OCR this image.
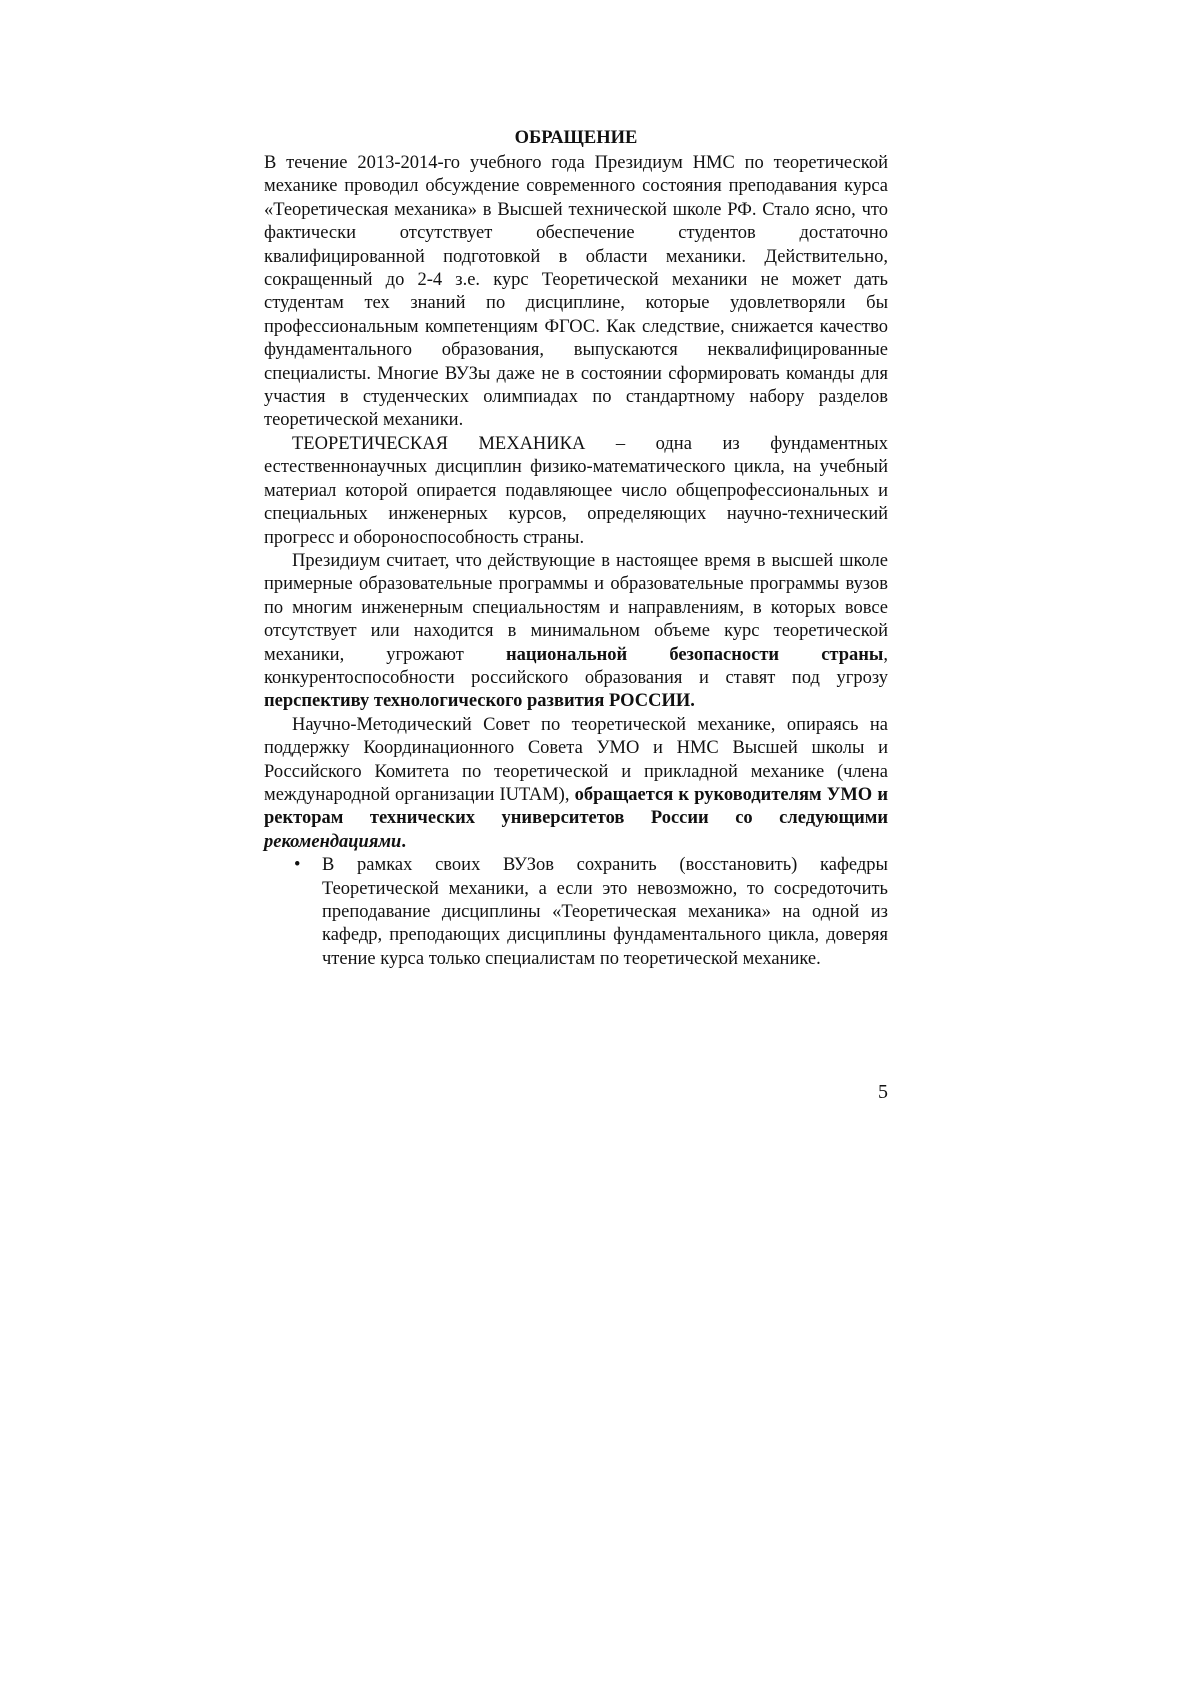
ОБРАЩЕНИЕ

В течение 2013-2014-го учебного года Президиум НМС по теоретической механике проводил обсуждение современного состояния преподавания курса «Теоретическая механика» в Высшей технической школе РФ. Стало ясно, что фактически отсутствует обеспечение студентов достаточно квалифицированной подготовкой в области механики. Действительно, сокращенный до 2-4 з.е. курс Теоретической механики не может дать студентам тех знаний по дисциплине, которые удовлетворяли бы профессиональным компетенциям ФГОС. Как следствие, снижается качество фундаментального образования, выпускаются неквалифицированные специалисты. Многие ВУЗы даже не в состоянии сформировать команды для участия в студенческих олимпиадах по стандартному набору разделов теоретической механики.

ТЕОРЕТИЧЕСКАЯ МЕХАНИКА – одна из фундаментных естественнонаучных дисциплин физико-математического цикла, на учебный материал которой опирается подавляющее число общепрофессиональных и специальных инженерных курсов, определяющих научно-технический прогресс и обороноспособность страны.

Президиум считает, что действующие в настоящее время в высшей школе примерные образовательные программы и образовательные программы вузов по многим инженерным специальностям и направлениям, в которых вовсе отсутствует или находится в минимальном объеме курс теоретической механики, угрожают национальной безопасности страны, конкурентоспособности российского образования и ставят под угрозу перспективу технологического развития РОССИИ.

Научно-Методический Совет по теоретической механике, опираясь на поддержку Координационного Совета УМО и НМС Высшей школы и Российского Комитета по теоретической и прикладной механике (члена международной организации IUTAM), обращается к руководителям УМО и ректорам технических университетов России со следующими рекомендациями.

• В рамках своих ВУЗов сохранить (восстановить) кафедры Теоретической механики, а если это невозможно, то сосредоточить преподавание дисциплины «Теоретическая механика» на одной из кафедр, преподающих дисциплины фундаментального цикла, доверяя чтение курса только специалистам по теоретической механике.
5
